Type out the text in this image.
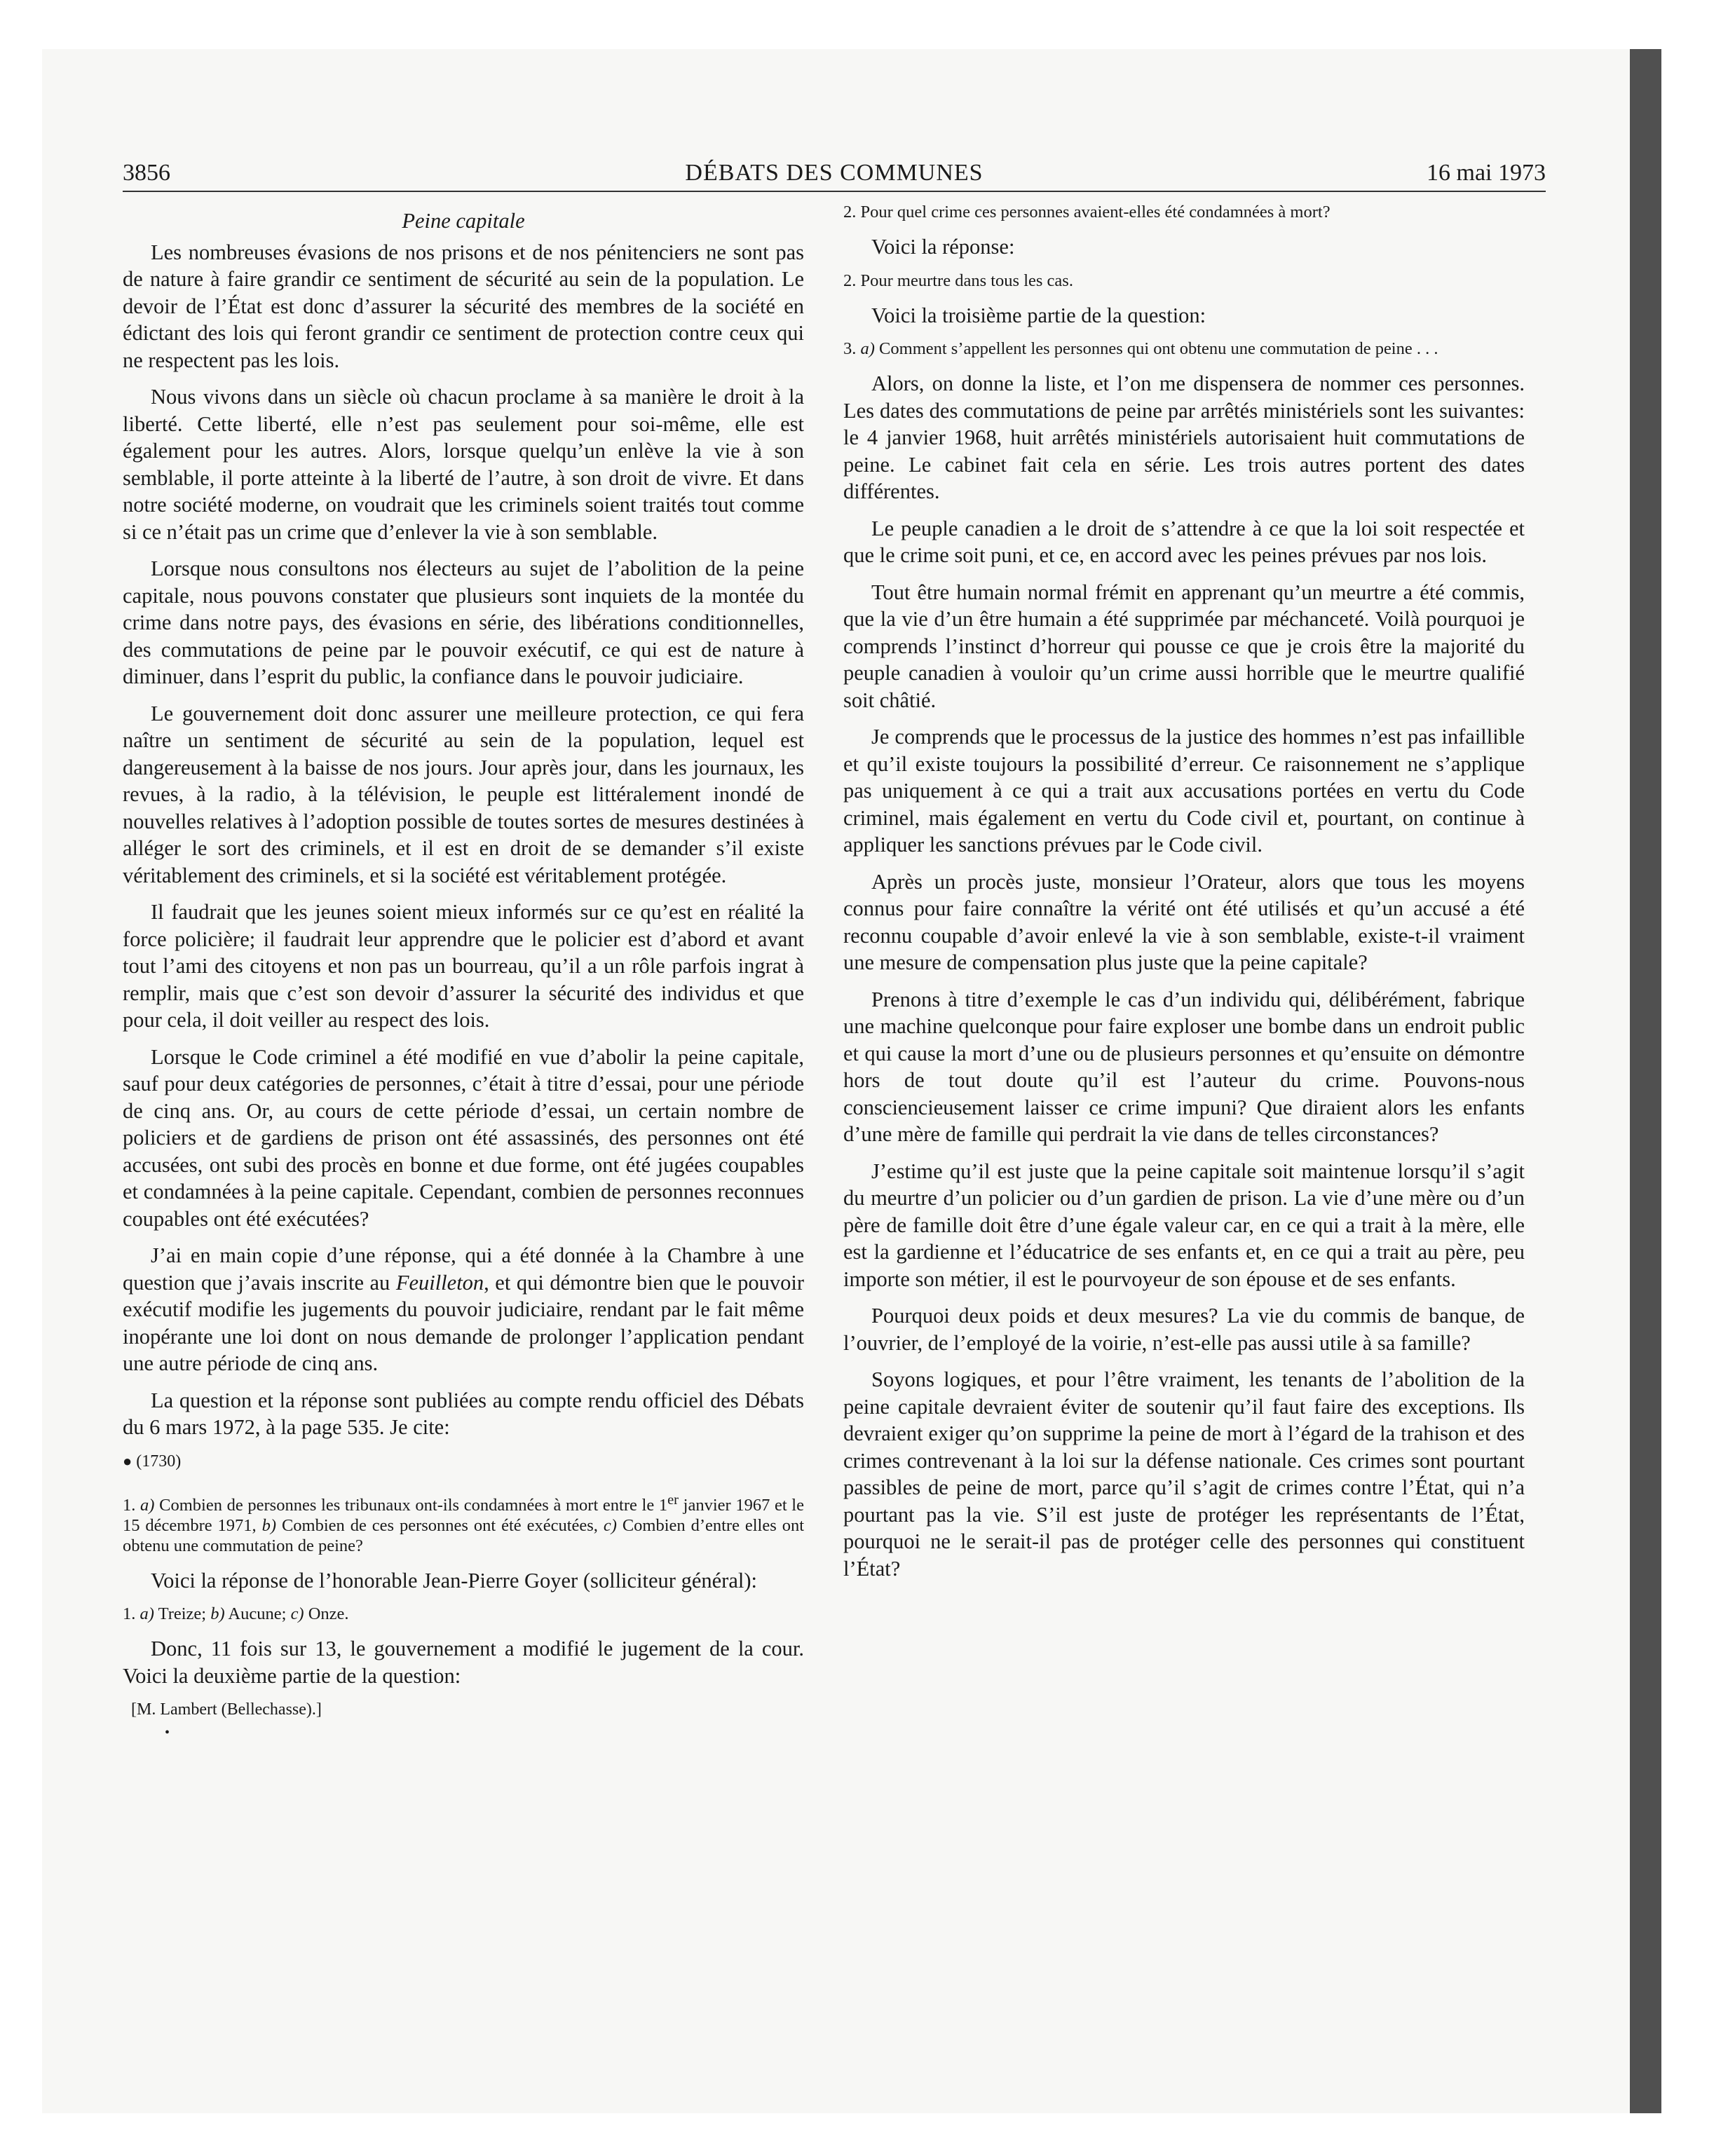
3856	DÉBATS DES COMMUNES	16 mai 1973
Peine capitale

Les nombreuses évasions de nos prisons et de nos pénitenciers ne sont pas de nature à faire grandir ce sentiment de sécurité au sein de la population. Le devoir de l’État est donc d’assurer la sécurité des membres de la société en édictant des lois qui feront grandir ce sentiment de protection contre ceux qui ne respectent pas les lois.

Nous vivons dans un siècle où chacun proclame à sa manière le droit à la liberté. Cette liberté, elle n’est pas seulement pour soi-même, elle est également pour les autres. Alors, lorsque quelqu’un enlève la vie à son semblable, il porte atteinte à la liberté de l’autre, à son droit de vivre. Et dans notre société moderne, on voudrait que les criminels soient traités tout comme si ce n’était pas un crime que d’enlever la vie à son semblable.

Lorsque nous consultons nos électeurs au sujet de l’abolition de la peine capitale, nous pouvons constater que plusieurs sont inquiets de la montée du crime dans notre pays, des évasions en série, des libérations conditionnelles, des commutations de peine par le pouvoir exécutif, ce qui est de nature à diminuer, dans l’esprit du public, la confiance dans le pouvoir judiciaire.

Le gouvernement doit donc assurer une meilleure protection, ce qui fera naître un sentiment de sécurité au sein de la population, lequel est dangereusement à la baisse de nos jours. Jour après jour, dans les journaux, les revues, à la radio, à la télévision, le peuple est littéralement inondé de nouvelles relatives à l’adoption possible de toutes sortes de mesures destinées à alléger le sort des criminels, et il est en droit de se demander s’il existe véritablement des criminels, et si la société est véritablement protégée.

Il faudrait que les jeunes soient mieux informés sur ce qu’est en réalité la force policière; il faudrait leur apprendre que le policier est d’abord et avant tout l’ami des citoyens et non pas un bourreau, qu’il a un rôle parfois ingrat à remplir, mais que c’est son devoir d’assurer la sécurité des individus et que pour cela, il doit veiller au respect des lois.

Lorsque le Code criminel a été modifié en vue d’abolir la peine capitale, sauf pour deux catégories de personnes, c’était à titre d’essai, pour une période de cinq ans. Or, au cours de cette période d’essai, un certain nombre de policiers et de gardiens de prison ont été assassinés, des personnes ont été accusées, ont subi des procès en bonne et due forme, ont été jugées coupables et condamnées à la peine capitale. Cependant, combien de personnes reconnues coupables ont été exécutées?

J’ai en main copie d’une réponse, qui a été donnée à la Chambre à une question que j’avais inscrite au Feuilleton, et qui démontre bien que le pouvoir exécutif modifie les jugements du pouvoir judiciaire, rendant par le fait même inopérante une loi dont on nous demande de prolonger l’application pendant une autre période de cinq ans.

La question et la réponse sont publiées au compte rendu officiel des Débats du 6 mars 1972, à la page 535. Je cite:

● (1730)
1. a) Combien de personnes les tribunaux ont-ils condamnées à mort entre le 1er janvier 1967 et le 15 décembre 1971, b) Combien de ces personnes ont été exécutées, c) Combien d’entre elles ont obtenu une commutation de peine?

Voici la réponse de l’honorable Jean-Pierre Goyer (solliciteur général):

1. a) Treize; b) Aucune; c) Onze.

Donc, 11 fois sur 13, le gouvernement a modifié le jugement de la cour. Voici la deuxième partie de la question:

[M. Lambert (Bellechasse).]
•
2. Pour quel crime ces personnes avaient-elles été condamnées à mort?

Voici la réponse:

2. Pour meurtre dans tous les cas.

Voici la troisième partie de la question:

3. a) Comment s’appellent les personnes qui ont obtenu une commutation de peine . . .

Alors, on donne la liste, et l’on me dispensera de nommer ces personnes. Les dates des commutations de peine par arrêtés ministériels sont les suivantes: le 4 janvier 1968, huit arrêtés ministériels autorisaient huit commutations de peine. Le cabinet fait cela en série. Les trois autres portent des dates différentes.

Le peuple canadien a le droit de s’attendre à ce que la loi soit respectée et que le crime soit puni, et ce, en accord avec les peines prévues par nos lois.

Tout être humain normal frémit en apprenant qu’un meurtre a été commis, que la vie d’un être humain a été supprimée par méchanceté. Voilà pourquoi je comprends l’instinct d’horreur qui pousse ce que je crois être la majorité du peuple canadien à vouloir qu’un crime aussi horrible que le meurtre qualifié soit châtié.

Je comprends que le processus de la justice des hommes n’est pas infaillible et qu’il existe toujours la possibilité d’erreur. Ce raisonnement ne s’applique pas uniquement à ce qui a trait aux accusations portées en vertu du Code criminel, mais également en vertu du Code civil et, pourtant, on continue à appliquer les sanctions prévues par le Code civil.

Après un procès juste, monsieur l’Orateur, alors que tous les moyens connus pour faire connaître la vérité ont été utilisés et qu’un accusé a été reconnu coupable d’avoir enlevé la vie à son semblable, existe-t-il vraiment une mesure de compensation plus juste que la peine capitale?

Prenons à titre d’exemple le cas d’un individu qui, délibérément, fabrique une machine quelconque pour faire exploser une bombe dans un endroit public et qui cause la mort d’une ou de plusieurs personnes et qu’ensuite on démontre hors de tout doute qu’il est l’auteur du crime. Pouvons-nous consciencieusement laisser ce crime impuni? Que diraient alors les enfants d’une mère de famille qui perdrait la vie dans de telles circonstances?

J’estime qu’il est juste que la peine capitale soit maintenue lorsqu’il s’agit du meurtre d’un policier ou d’un gardien de prison. La vie d’une mère ou d’un père de famille doit être d’une égale valeur car, en ce qui a trait à la mère, elle est la gardienne et l’éducatrice de ses enfants et, en ce qui a trait au père, peu importe son métier, il est le pourvoyeur de son épouse et de ses enfants.

Pourquoi deux poids et deux mesures? La vie du commis de banque, de l’ouvrier, de l’employé de la voirie, n’est-elle pas aussi utile à sa famille?

Soyons logiques, et pour l’être vraiment, les tenants de l’abolition de la peine capitale devraient éviter de soutenir qu’il faut faire des exceptions. Ils devraient exiger qu’on supprime la peine de mort à l’égard de la trahison et des crimes contrevenant à la loi sur la défense nationale. Ces crimes sont pourtant passibles de peine de mort, parce qu’il s’agit de crimes contre l’État, qui n’a pourtant pas la vie. S’il est juste de protéger les représentants de l’État, pourquoi ne le serait-il pas de protéger celle des personnes qui constituent l’État?
